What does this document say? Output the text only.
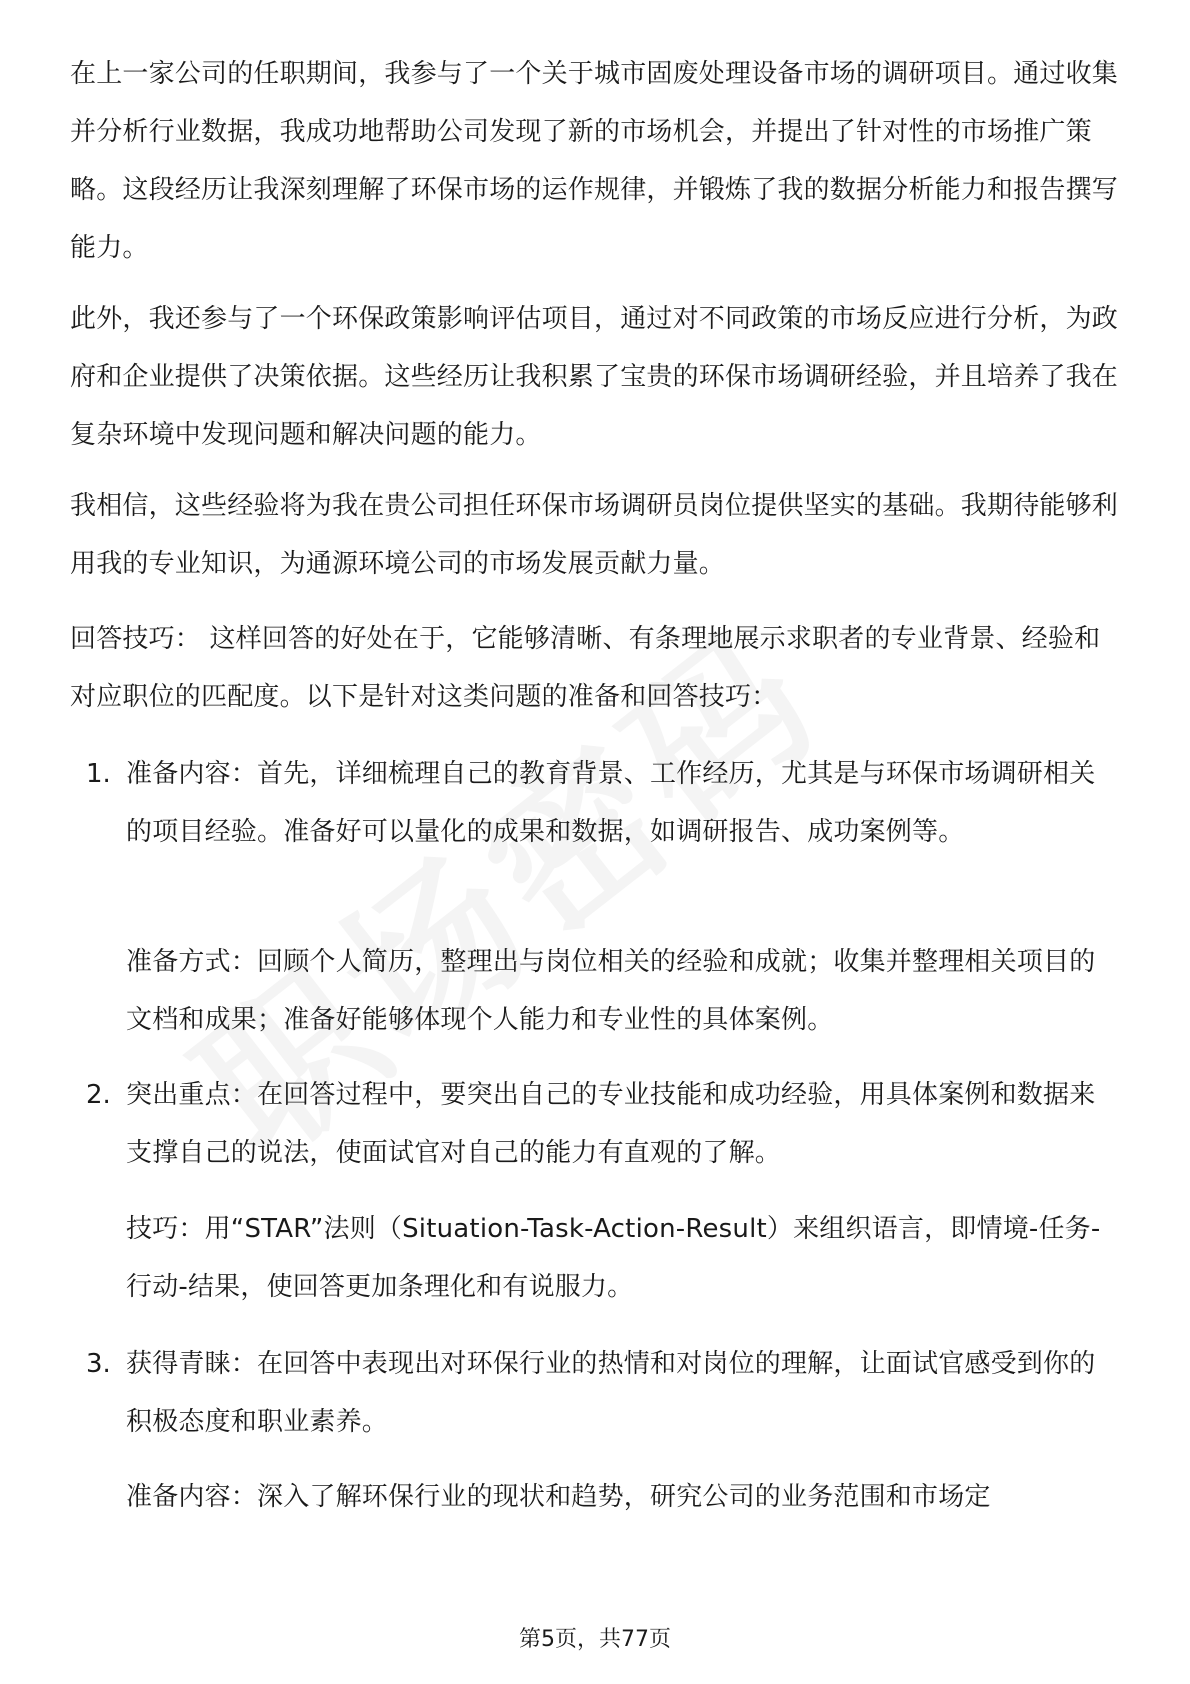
在上一家公司的任职期间，我参与了一个关于城市固废处理设备市场的调研项目。通过收集并分析行业数据，我成功地帮助公司发现了新的市场机会，并提出了针对性的市场推广策略。这段经历让我深刻理解了环保市场的运作规律，并锻炼了我的数据分析能力和报告撰写能力。

此外，我还参与了一个环保政策影响评估项目，通过对不同政策的市场反应进行分析，为政府和企业提供了决策依据。这些经历让我积累了宝贵的环保市场调研经验，并且培养了我在复杂环境中发现问题和解决问题的能力。

我相信，这些经验将为我在贵公司担任环保市场调研员岗位提供坚实的基础。我期待能够利用我的专业知识，为通源环境公司的市场发展贡献力量。

回答技巧： 这样回答的好处在于，它能够清晰、有条理地展示求职者的专业背景、经验和对应职位的匹配度。以下是针对这类问题的准备和回答技巧：

1. 准备内容：首先，详细梳理自己的教育背景、工作经历，尤其是与环保市场调研相关的项目经验。准备好可以量化的成果和数据，如调研报告、成功案例等。

准备方式：回顾个人简历，整理出与岗位相关的经验和成就；收集并整理相关项目的文档和成果；准备好能够体现个人能力和专业性的具体案例。

2. 突出重点：在回答过程中，要突出自己的专业技能和成功经验，用具体案例和数据来支撑自己的说法，使面试官对自己的能力有直观的了解。

技巧：用“STAR”法则（Situation-Task-Action-Result）来组织语言，即情境-任务-行动-结果，使回答更加条理化和有说服力。

3. 获得青睐：在回答中表现出对环保行业的热情和对岗位的理解，让面试官感受到你的积极态度和职业素养。

准备内容：深入了解环保行业的现状和趋势，研究公司的业务范围和市场定

第5页，共77页
